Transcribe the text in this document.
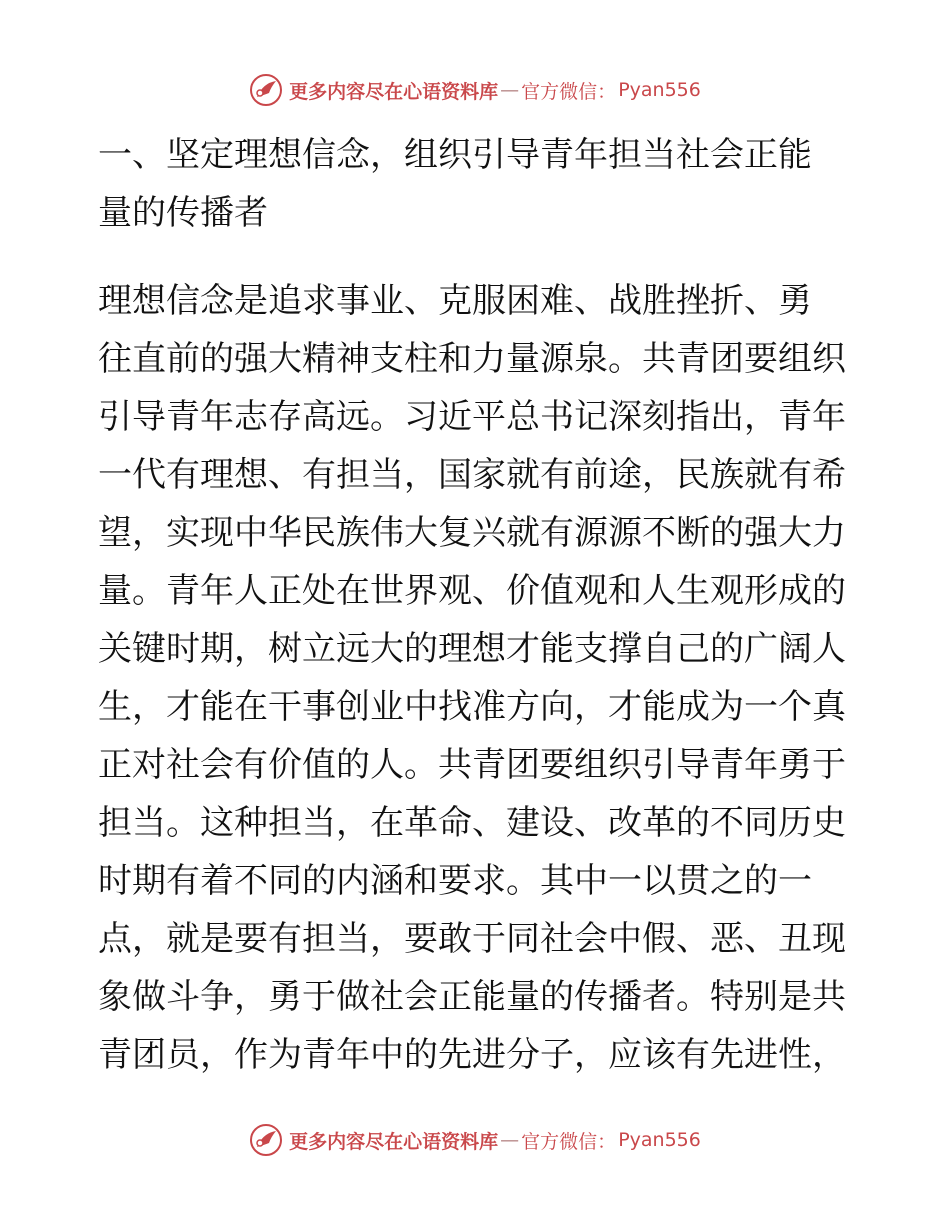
更多内容尽在心语资料库 — 官方微信： Pyan556
一、坚定理想信念，组织引导青年担当社会正能
量的传播者
理想信念是追求事业、克服困难、战胜挫折、勇
往直前的强大精神支柱和力量源泉。共青团要组织
引导青年志存高远。习近平总书记深刻指出，青年
一代有理想、有担当，国家就有前途，民族就有希
望，实现中华民族伟大复兴就有源源不断的强大力
量。青年人正处在世界观、价值观和人生观形成的
关键时期，树立远大的理想才能支撑自己的广阔人
生，才能在干事创业中找准方向，才能成为一个真
正对社会有价值的人。共青团要组织引导青年勇于
担当。这种担当，在革命、建设、改革的不同历史
时期有着不同的内涵和要求。其中一以贯之的一
点，就是要有担当，要敢于同社会中假、恶、丑现
象做斗争，勇于做社会正能量的传播者。特别是共
青团员，作为青年中的先进分子，应该有先进性，
更多内容尽在心语资料库 — 官方微信： Pyan556
